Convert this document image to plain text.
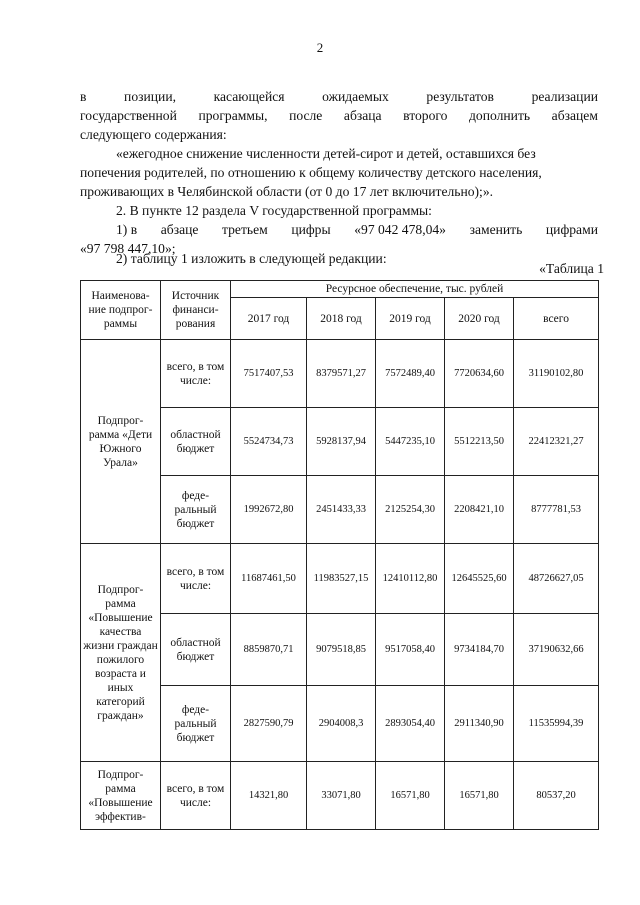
2

в	позиции,	касающейся	ожидаемых	результатов	реализации

государственной программы, после абзаца второго дополнить абзацем

следующего содержания:

«ежегодное снижение численности детей-сирот и детей, оставшихся без

попечения родителей, по отношению к общему количеству детского населения,

проживающих в Челябинской области (от 0 до 17 лет включительно);».

2. В пункте 12 раздела V государственной программы:

1) в абзаце третьем цифры «97 042 478,04» заменить цифрами

«97 798 447,10»;

2) таблицу 1 изложить в следующей редакции:

«Таблица 1
Наименова-ние подпрог-раммы	Источник финанси-рования	Ресурсное обеспечение, тыс. рублей				
		2017 год	2018 год	2019 год	2020 год	всего
Подпрог-рамма «Дети Южного Урала»	всего, в том числе:	7517407,53	8379571,27	7572489,40	7720634,60	31190102,80
	областной бюджет	5524734,73	5928137,94	5447235,10	5512213,50	22412321,27
	феде-ральный бюджет	1992672,80	2451433,33	2125254,30	2208421,10	8777781,53
Подпрог-рамма «Повышение качества жизни граждан пожилого возраста и иных категорий граждан»	всего, в том числе:	11687461,50	11983527,15	12410112,80	12645525,60	48726627,05
	областной бюджет	8859870,71	9079518,85	9517058,40	9734184,70	37190632,66
	феде-ральный бюджет	2827590,79	2904008,3	2893054,40	2911340,90	11535994,39
Подпрог-рамма «Повышение эффектив-	всего, в том числе:	14321,80	33071,80	16571,80	16571,80	80537,20
